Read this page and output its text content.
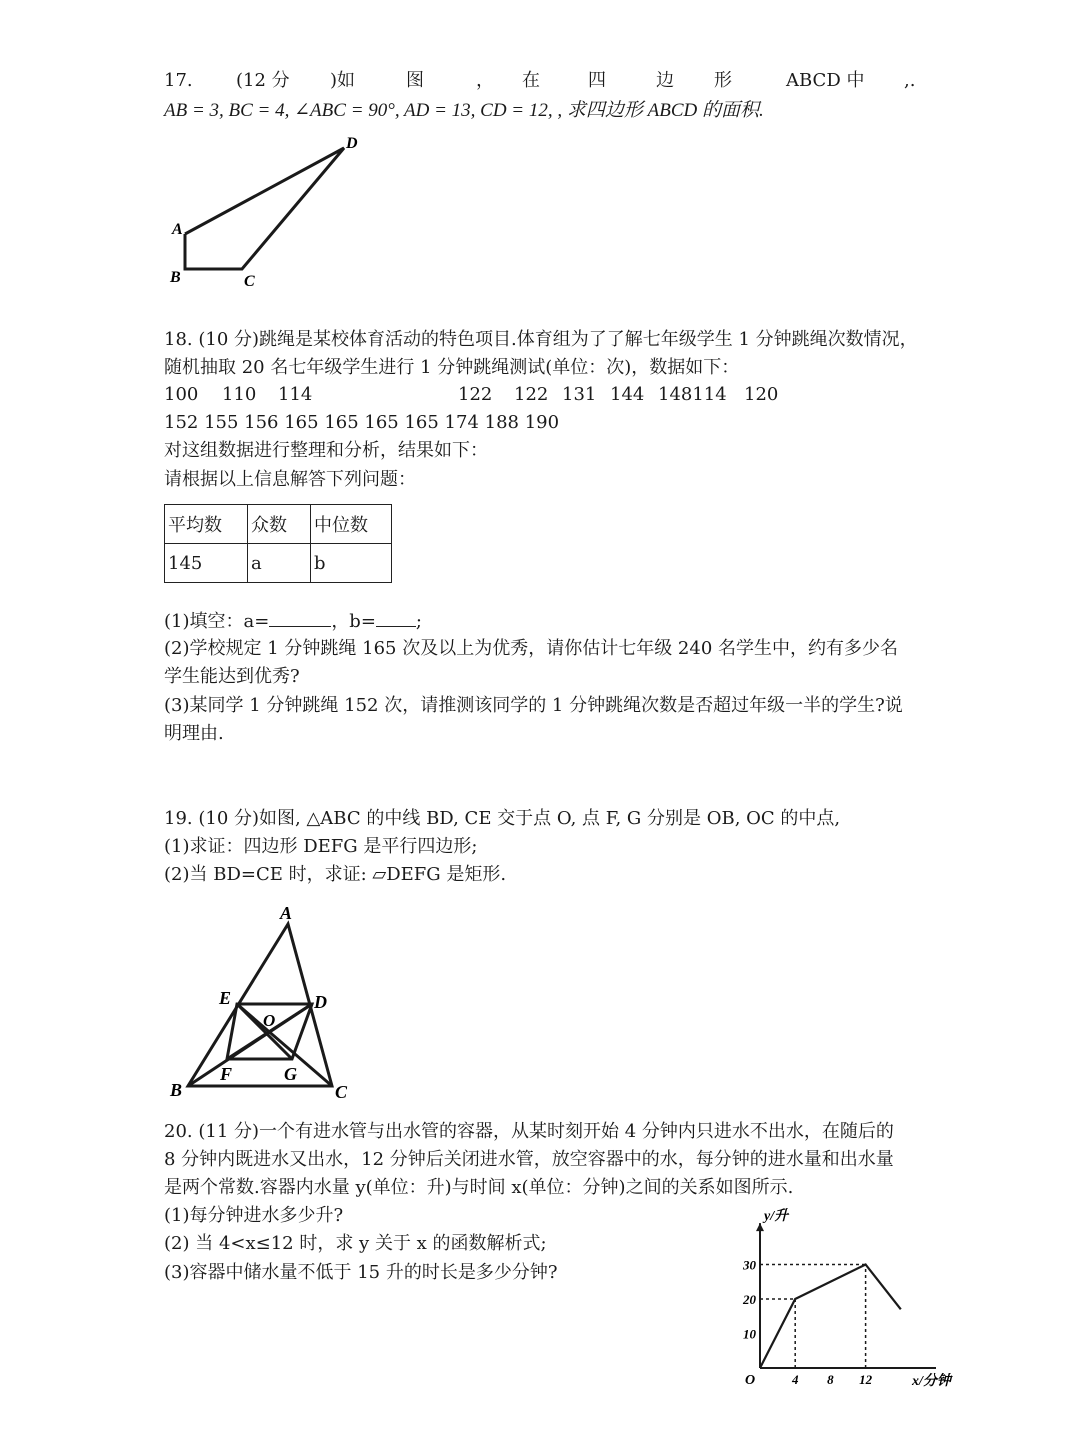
17. (12 分 )如	图	， 在	四	边 形	ABCD 中 ,.
AB = 3, BC = 4, ∠ABC = 90°, AD = 13, CD = 12, , 求四边形 ABCD 的面积.
A
B	C
D
18. (10 分)跳绳是某校体育活动的特色项目.体育组为了了解七年级学生 1 分钟跳绳次数情况，
随机抽取 20 名七年级学生进行 1 分钟跳绳测试(单位：次)，数据如下：
100 110 114	122 122 131 144 148114 120
152 155 156 165 165 165 165 174 188 190
对这组数据进行整理和分析，结果如下：
请根据以上信息解答下列问题：
平均数	众数	中位数
145	a	b
(1)填空：a=	，b= ;
(2)学校规定 1 分钟跳绳 165 次及以上为优秀，请你估计七年级 240 名学生中，约有多少名
学生能达到优秀?
(3)某同学 1 分钟跳绳 152 次，请推测该同学的 1 分钟跳绳次数是否超过年级一半的学生?说
明理由.
19. (10 分)如图, △ABC 的中线 BD, CE 交于点 O, 点 F, G 分别是 OB, OC 的中点,
(1)求证：四边形 DEFG 是平行四边形;
(2)当 BD=CE 时，求证: ▱DEFG 是矩形.
A
B	C
D
E
F	G
O
20. (11 分)一个有进水管与出水管的容器，从某时刻开始 4 分钟内只进水不出水，在随后的
8 分钟内既进水又出水，12 分钟后关闭进水管，放空容器中的水，每分钟的进水量和出水量
是两个常数.容器内水量 y(单位：升)与时间 x(单位：分钟)之间的关系如图所示.
(1)每分钟进水多少升?
(2) 当 4<x≤12 时，求 y 关于 x 的函数解析式;
(3)容器中储水量不低于 15 升的时长是多少分钟?
4 8 12
10
20
30
O
y/升
x/分钟
